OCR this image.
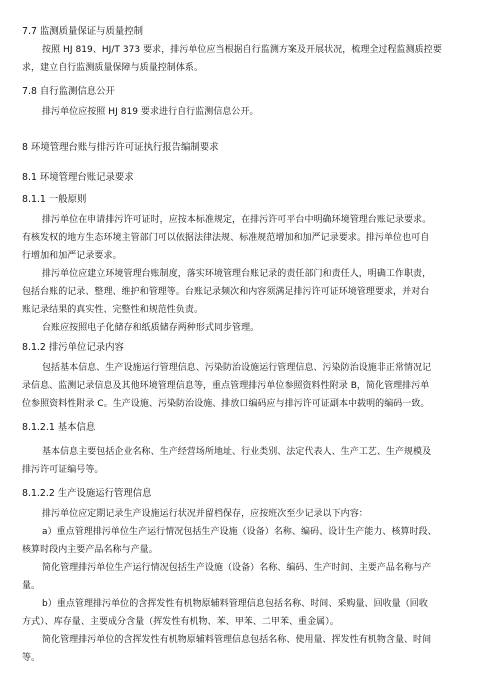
7.7 监测质量保证与质量控制
按照 HJ 819、HJ/T 373 要求，排污单位应当根据自行监测方案及开展状况，梳理全过程监测质控要
求，建立自行监测质量保障与质量控制体系。
7.8 自行监测信息公开
排污单位应按照 HJ 819 要求进行自行监测信息公开。
8 环境管理台账与排污许可证执行报告编制要求
8.1 环境管理台账记录要求
8.1.1 一般原则
排污单位在申请排污许可证时，应按本标准规定，在排污许可平台中明确环境管理台账记录要求。
有核发权的地方生态环境主管部门可以依据法律法规、标准规范增加和加严记录要求。排污单位也可自
行增加和加严记录要求。
排污单位应建立环境管理台账制度，落实环境管理台账记录的责任部门和责任人，明确工作职责，
包括台账的记录、整理、维护和管理等。台账记录频次和内容须满足排污许可证环境管理要求，并对台
账记录结果的真实性、完整性和规范性负责。
台账应按照电子化储存和纸质储存两种形式同步管理。
8.1.2 排污单位记录内容
包括基本信息、生产设施运行管理信息、污染防治设施运行管理信息、污染防治设施非正常情况记
录信息、监测记录信息及其他环境管理信息等，重点管理排污单位参照资料性附录 B，简化管理排污单
位参照资料性附录 C。生产设施、污染防治设施、排放口编码应与排污许可证副本中载明的编码一致。
8.1.2.1 基本信息
基本信息主要包括企业名称、生产经营场所地址、行业类别、法定代表人、生产工艺、生产规模及
排污许可证编号等。
8.1.2.2 生产设施运行管理信息
排污单位应定期记录生产设施运行状况并留档保存，应按班次至少记录以下内容：
a）重点管理排污单位生产运行情况包括生产设施（设备）名称、编码、设计生产能力、核算时段、
核算时段内主要产品名称与产量。
简化管理排污单位生产运行情况包括生产设施（设备）名称、编码、生产时间、主要产品名称与产
量。
b）重点管理排污单位的含挥发性有机物原辅料管理信息包括名称、时间、采购量、回收量（回收
方式）、库存量、主要成分含量（挥发性有机物、苯、甲苯、二甲苯、重金属）。
简化管理排污单位的含挥发性有机物原辅料管理信息包括名称、使用量、挥发性有机物含量、时间
等。
